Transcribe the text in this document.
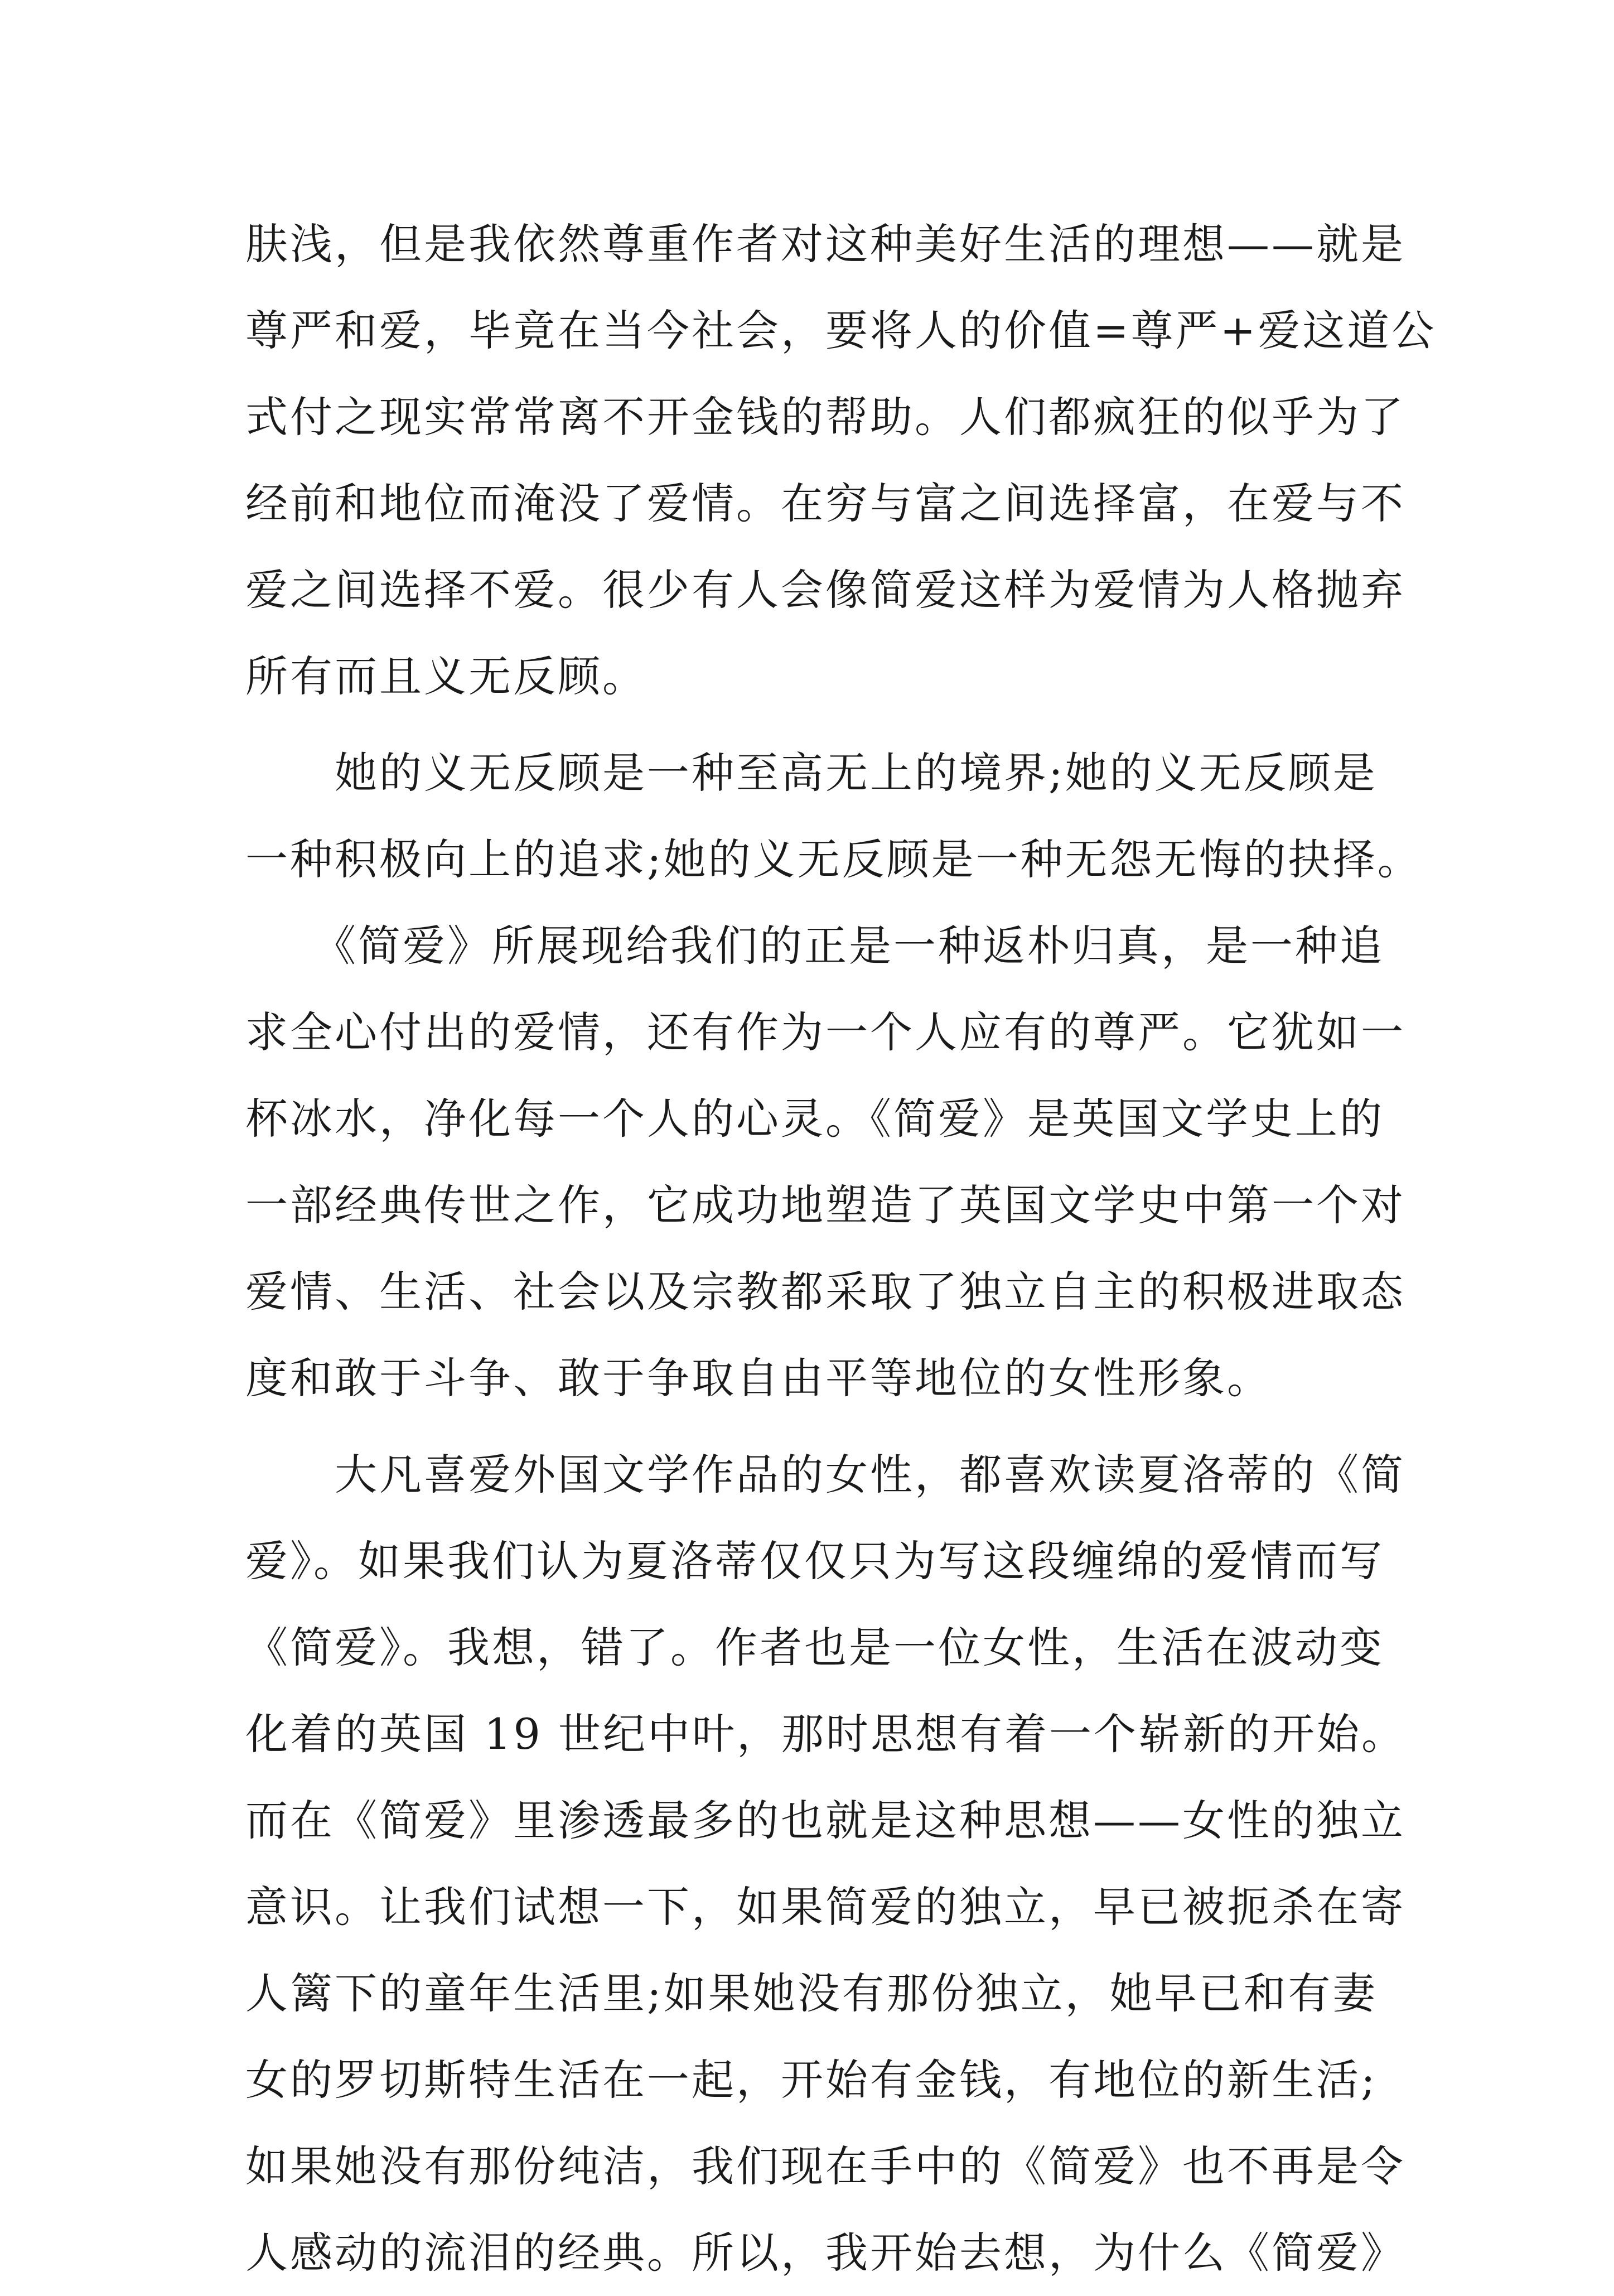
肤浅，但是我依然尊重作者对这种美好生活的理想——就是
尊严和爱，毕竟在当今社会，要将人的价值=尊严+爱这道公
式付之现实常常离不开金钱的帮助。人们都疯狂的似乎为了
经前和地位而淹没了爱情。在穷与富之间选择富，在爱与不
爱之间选择不爱。很少有人会像简爱这样为爱情为人格抛弃
所有而且义无反顾。
　　她的义无反顾是一种至高无上的境界;她的义无反顾是
一种积极向上的追求;她的义无反顾是一种无怨无悔的抉择。
　　《简爱》所展现给我们的正是一种返朴归真，是一种追
求全心付出的爱情，还有作为一个人应有的尊严。它犹如一
杯冰水，净化每一个人的心灵。《简爱》是英国文学史上的
一部经典传世之作，它成功地塑造了英国文学史中第一个对
爱情、生活、社会以及宗教都采取了独立自主的积极进取态
度和敢于斗争、敢于争取自由平等地位的女性形象。
　　大凡喜爱外国文学作品的女性，都喜欢读夏洛蒂的《简
爱》。如果我们认为夏洛蒂仅仅只为写这段缠绵的爱情而写
《简爱》。我想，错了。作者也是一位女性，生活在波动变
化着的英国 19 世纪中叶，那时思想有着一个崭新的开始。
而在《简爱》里渗透最多的也就是这种思想——女性的独立
意识。让我们试想一下，如果简爱的独立，早已被扼杀在寄
人篱下的童年生活里;如果她没有那份独立，她早已和有妻
女的罗切斯特生活在一起，开始有金钱，有地位的新生活;
如果她没有那份纯洁，我们现在手中的《简爱》也不再是令
人感动的流泪的经典。所以，我开始去想，为什么《简爱》
